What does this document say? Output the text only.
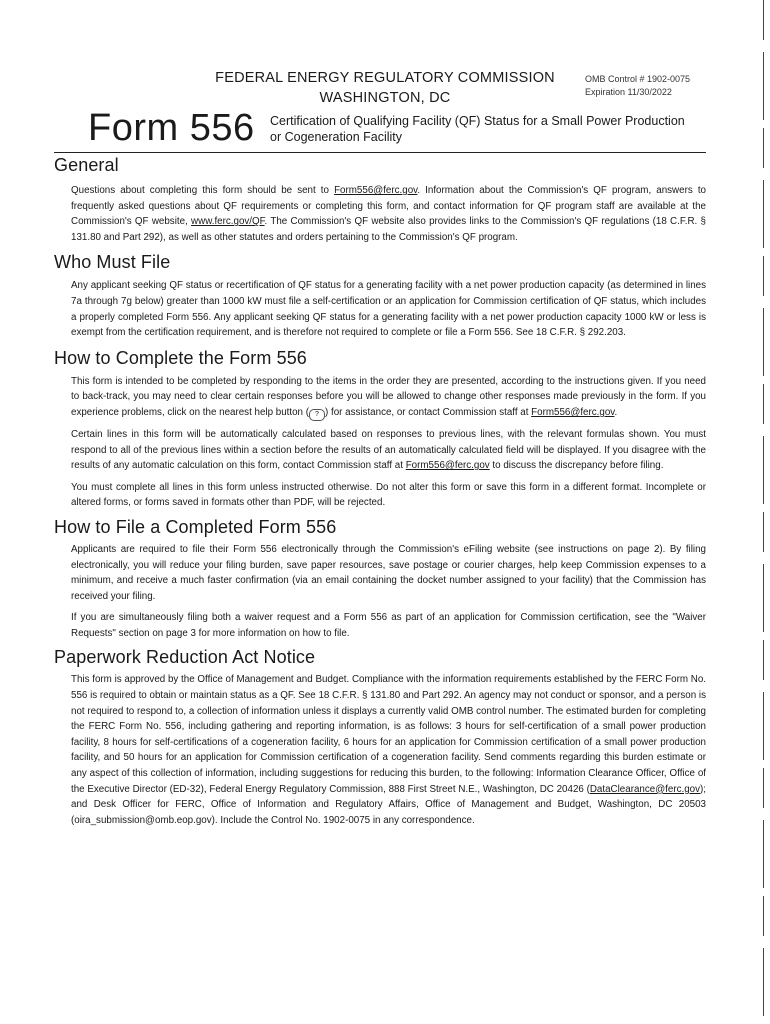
FEDERAL ENERGY REGULATORY COMMISSION
WASHINGTON, DC
OMB Control # 1902-0075
Expiration 11/30/2022
Form 556 Certification of Qualifying Facility (QF) Status for a Small Power Production or Cogeneration Facility
General

Questions about completing this form should be sent to Form556@ferc.gov. Information about the Commission's QF program, answers to frequently asked questions about QF requirements or completing this form, and contact information for QF program staff are available at the Commission's QF website, www.ferc.gov/QF. The Commission's QF website also provides links to the Commission's QF regulations (18 C.F.R. § 131.80 and Part 292), as well as other statutes and orders pertaining to the Commission's QF program.

Who Must File

Any applicant seeking QF status or recertification of QF status for a generating facility with a net power production capacity (as determined in lines 7a through 7g below) greater than 1000 kW must file a self-certification or an application for Commission certification of QF status, which includes a properly completed Form 556. Any applicant seeking QF status for a generating facility with a net power production capacity 1000 kW or less is exempt from the certification requirement, and is therefore not required to complete or file a Form 556. See 18 C.F.R. § 292.203.

How to Complete the Form 556

This form is intended to be completed by responding to the items in the order they are presented, according to the instructions given. If you need to back-track, you may need to clear certain responses before you will be allowed to change other responses made previously in the form. If you experience problems, click on the nearest help button ( ? ) for assistance, or contact Commission staff at Form556@ferc.gov.

Certain lines in this form will be automatically calculated based on responses to previous lines, with the relevant formulas shown. You must respond to all of the previous lines within a section before the results of an automatically calculated field will be displayed. If you disagree with the results of any automatic calculation on this form, contact Commission staff at Form556@ferc.gov to discuss the discrepancy before filing.

You must complete all lines in this form unless instructed otherwise. Do not alter this form or save this form in a different format. Incomplete or altered forms, or forms saved in formats other than PDF, will be rejected.

How to File a Completed Form 556

Applicants are required to file their Form 556 electronically through the Commission's eFiling website (see instructions on page 2). By filing electronically, you will reduce your filing burden, save paper resources, save postage or courier charges, help keep Commission expenses to a minimum, and receive a much faster confirmation (via an email containing the docket number assigned to your facility) that the Commission has received your filing.

If you are simultaneously filing both a waiver request and a Form 556 as part of an application for Commission certification, see the "Waiver Requests" section on page 3 for more information on how to file.

Paperwork Reduction Act Notice

This form is approved by the Office of Management and Budget. Compliance with the information requirements established by the FERC Form No. 556 is required to obtain or maintain status as a QF. See 18 C.F.R. § 131.80 and Part 292. An agency may not conduct or sponsor, and a person is not required to respond to, a collection of information unless it displays a currently valid OMB control number. The estimated burden for completing the FERC Form No. 556, including gathering and reporting information, is as follows: 3 hours for self-certification of a small power production facility, 8 hours for self-certifications of a cogeneration facility, 6 hours for an application for Commission certification of a small power production facility, and 50 hours for an application for Commission certification of a cogeneration facility. Send comments regarding this burden estimate or any aspect of this collection of information, including suggestions for reducing this burden, to the following: Information Clearance Officer, Office of the Executive Director (ED-32), Federal Energy Regulatory Commission, 888 First Street N.E., Washington, DC 20426 (DataClearance@ferc.gov); and Desk Officer for FERC, Office of Information and Regulatory Affairs, Office of Management and Budget, Washington, DC 20503 (oira_submission@omb.eop.gov). Include the Control No. 1902-0075 in any correspondence.
